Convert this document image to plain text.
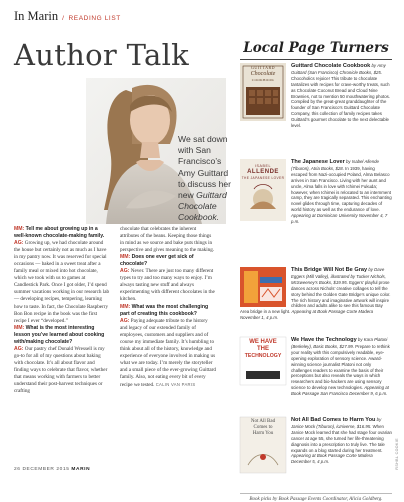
In Marin / READING LIST
Author Talk
We sat down
with San
Francisco’s
Amy Guittard
to discuss her
new Guittard
Chocolate
Cookbook.

MM: Tell me about growing up in a well-known chocolate-making family.

AG: Growing up, we had chocolate around the house but certainly not as much as I have in my pantry now. It was reserved for special occasions — baked in a sweet treat after a family meal or mixed into hot chocolate, which we took with us to games at Candlestick Park. Once I got older, I’d spend summer vacations working in our research lab — developing recipes, tempering, learning how to taste. In fact, the Chocolate Raspberry Bon Bon recipe in the book was the first recipe I ever “developed.”

MM: What is the most interesting lesson you’ve learned about cooking with/making chocolate?

AG: Our pastry chef Donald Wressell is my go-to for all of my questions about baking with chocolate. It’s all about flavor and finding ways to celebrate that flavor, whether that means working with farmers to better understand their post-harvest techniques or crafting

chocolate that celebrates the inherent attributes of the beans. Keeping those things in mind as we source and bake puts things in perspective and gives meaning to the making.

MM: Does one ever get sick of chocolate?

AG: Never. There are just too many different types to try and too many ways to enjoy. I’m always tasting new stuff and always experimenting with different chocolates in the kitchen.

MM: What was the most challenging part of creating this cookbook?

AG: Paying adequate tribute to the history and legacy of our extended family of employees, customers and suppliers and of course my immediate family. It’s humbling to think about all of the history, knowledge and experience of everyone involved in making us what we are today. I’m merely the storyteller and a small piece of the ever-growing Guittard family. Also, not eating every bit of every recipe we tested. CALIN VAN PARIS

Local Page Turners
GUITTARD
Chocolate
COOKBOOK
Guittard Chocolate Cookbook by Amy Guittard (San Francisco) Chronicle Books, $25. Chocoholics rejoice! This tribute to chocolate tantalizes with recipes for crave-worthy treats, such as Chocolate Coconut Bread and Cloud Nine Brownies, not to mention 50 mouthwatering photos. Compiled by the great-great granddaughter of the founder of San Francisco’s Guittard Chocolate Company, this collection of family recipes takes Guittard’s gourmet chocolate to the next delectable level.
ISABEL
ALLENDE
THE JAPANESE LOVER
The Japanese Lover by Isabel Allende (Tiburon), Atria Books, $28. In 1939, having escaped from Nazi-occupied Poland, Alma Belasco arrives in San Francisco. Living with her aunt and uncle, Alma falls in love with Ichimei Fukuda; however, when Ichimei is relocated to an internment camp, they are tragically separated. This enchanting novel glides through time, capturing decades of world history as well as the endurance of love. Appearing at Dominican University November 4, 7 p.m.
This Bridge Will Not Be Gray by Dave Eggers (Mill Valley), illustrated by Tucker Nichols, McSweeney’s Books, $19.95. Eggers’ playful prose dances across Nichols’ creative collages to tell the story behind the Golden Gate Bridge’s unique color. The rich history and imaginative artwork will inspire children and adults alike to see this famous Bay Area bridge in a new light. Appearing at Book Passage Corte Madera November 1, 4 p.m.
WE HAVE
THE
TECHNOLOGY
We Have the Technology by Kara Platoni (Berkeley), Basic Books, $27.99. Prepare to rethink your reality with this compulsively readable, eye-opening exploration of sensory science. Award-winning science journalist Platoni not only challenges readers to examine the basis of their perceptions but also reveals the ways in which researchers and bio-hackers are using sensory science to develop new technologies. Appearing at Book Passage San Francisco December 9, 6 p.m.
Not All Bad
Comes to
Harm You
Not All Bad Comes to Harm You by Janice Mock (Tiburon), iUniverse, $16.95. When Janice Mock learned that she had stage four ovarian cancer at age 55, she turned her life-threatening diagnosis into a prescription to truly live. The tale expands on a blog started during her treatment. Appearing at Book Passage Corte Madera December 5, 4 p.m.
Book picks by Book Passage Events Coordinator, Alicia Goldberg.
26 DECEMBER 2015 MARIN	RSHBL COOKIE
